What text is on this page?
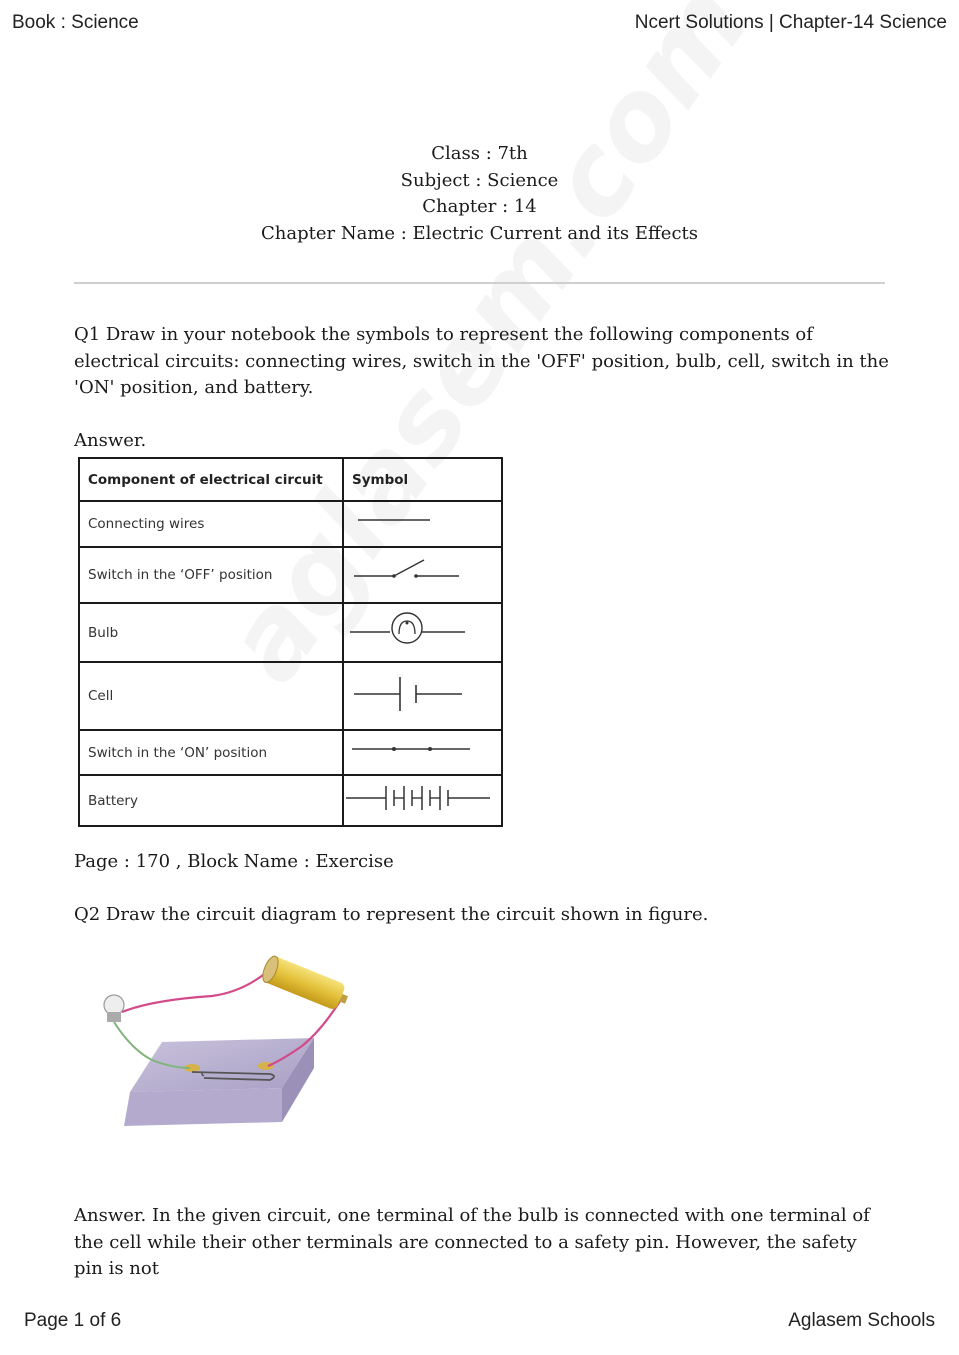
Book : Science	Ncert Solutions | Chapter-14 Science
Class : 7th
Subject : Science
Chapter : 14
Chapter Name : Electric Current and its Effects

Q1 Draw in your notebook the symbols to represent the following components of electrical circuits: connecting wires, switch in the 'OFF' position, bulb, cell, switch in the 'ON' position, and battery.

Answer.

Component of electrical circuit	Symbol
Connecting wires	
Switch in the ‘OFF’ position	
Bulb	
Cell	
Switch in the ‘ON’ position	
Battery	

Page : 170 , Block Name : Exercise

Q2 Draw the circuit diagram to represent the circuit shown in figure.

Answer. In the given circuit, one terminal of the bulb is connected with one terminal of the cell while their other terminals are connected to a safety pin. However, the safety pin is not

Page 1 of 6	Aglasem Schools
